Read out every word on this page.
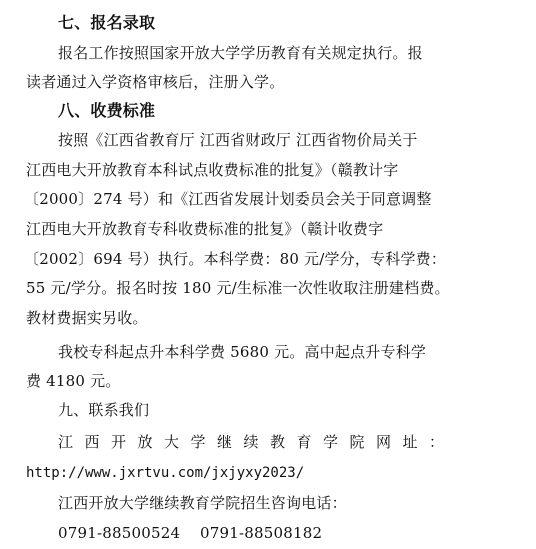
七、报名录取
报名工作按照国家开放大学学历教育有关规定执行。报
读者通过入学资格审核后，注册入学。
八、收费标准
按照《江西省教育厅 江西省财政厅 江西省物价局关于
江西电大开放教育本科试点收费标准的批复》（赣教计字
〔2000〕274 号）和《江西省发展计划委员会关于同意调整
江西电大开放教育专科收费标准的批复》（赣计收费字
〔2002〕694 号）执行。本科学费：80 元/学分，专科学费：
55 元/学分。报名时按 180 元/生标准一次性收取注册建档费。
教材费据实另收。
我校专科起点升本科学费 5680 元。高中起点升专科学
费 4180 元。
九、联系我们
江西开放大学继续教育学院网址：
http://www.jxrtvu.com/jxjyxy2023/
江西开放大学继续教育学院招生咨询电话：
0791-88500524    0791-88508182
